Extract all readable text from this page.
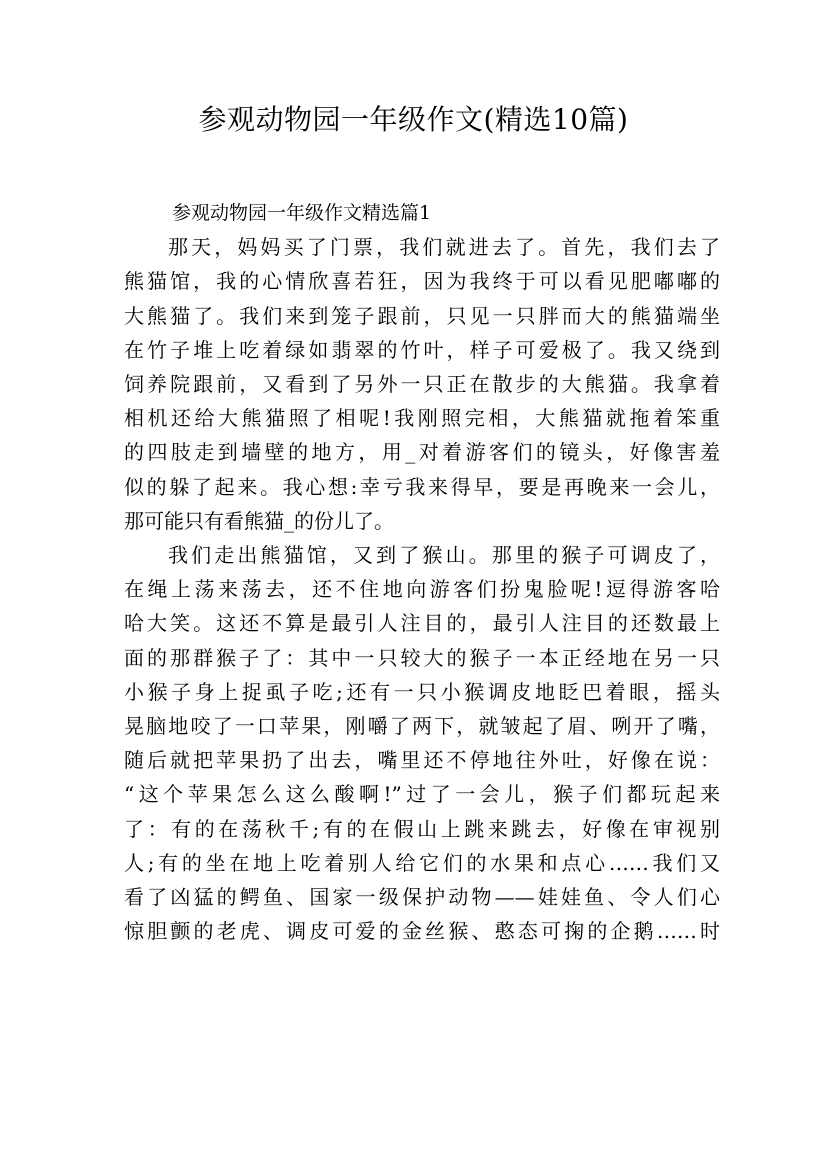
参观动物园一年级作文(精选10篇)

参观动物园一年级作文精选篇1

那天，妈妈买了门票，我们就进去了。首先，我们去了
熊猫馆，我的心情欣喜若狂，因为我终于可以看见肥嘟嘟的
大熊猫了。我们来到笼子跟前，只见一只胖而大的熊猫端坐
在竹子堆上吃着绿如翡翠的竹叶，样子可爱极了。我又绕到
饲养院跟前，又看到了另外一只正在散步的大熊猫。我拿着
相机还给大熊猫照了相呢!我刚照完相，大熊猫就拖着笨重
的四肢走到墙壁的地方，用_对着游客们的镜头，好像害羞
似的躲了起来。我心想:幸亏我来得早，要是再晚来一会儿，
那可能只有看熊猫_的份儿了。
我们走出熊猫馆，又到了猴山。那里的猴子可调皮了，
在绳上荡来荡去，还不住地向游客们扮鬼脸呢!逗得游客哈
哈大笑。这还不算是最引人注目的，最引人注目的还数最上
面的那群猴子了：其中一只较大的猴子一本正经地在另一只
小猴子身上捉虱子吃;还有一只小猴调皮地眨巴着眼，摇头
晃脑地咬了一口苹果，刚嚼了两下，就皱起了眉、咧开了嘴，
随后就把苹果扔了出去，嘴里还不停地往外吐，好像在说：
“这个苹果怎么这么酸啊!”过了一会儿，猴子们都玩起来
了：有的在荡秋千;有的在假山上跳来跳去，好像在审视别
人;有的坐在地上吃着别人给它们的水果和点心……我们又
看了凶猛的鳄鱼、国家一级保护动物——娃娃鱼、令人们心
惊胆颤的老虎、调皮可爱的金丝猴、憨态可掬的企鹅……时
